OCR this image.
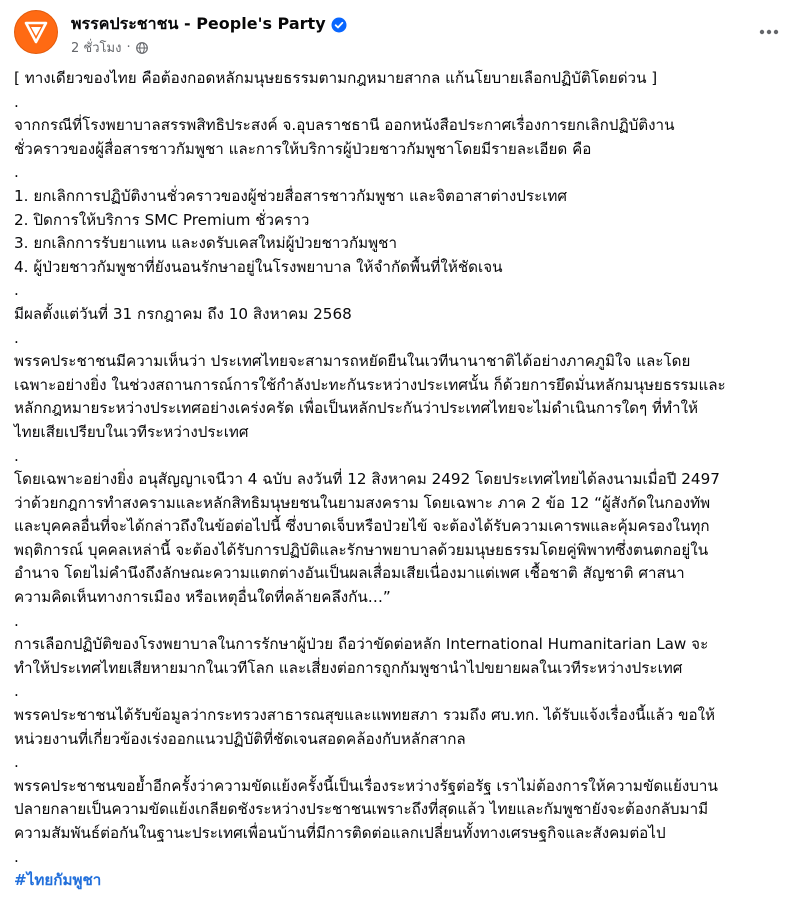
พรรคประชาชน - People's Party
2 ชั่วโมง ·
[ ทางเดียวของไทย คือต้องกอดหลักมนุษยธรรมตามกฎหมายสากล แก้นโยบายเลือกปฏิบัติโดยด่วน ]
.
จากกรณีที่โรงพยาบาลสรรพสิทธิประสงค์ จ.อุบลราชธานี ออกหนังสือประกาศเรื่องการยกเลิกปฏิบัติงาน
ชั่วคราวของผู้สื่อสารชาวกัมพูชา และการให้บริการผู้ป่วยชาวกัมพูชาโดยมีรายละเอียด คือ
.
1. ยกเลิกการปฏิบัติงานชั่วคราวของผู้ช่วยสื่อสารชาวกัมพูชา และจิตอาสาต่างประเทศ
2. ปิดการให้บริการ SMC Premium ชั่วคราว
3. ยกเลิกการรับยาแทน และงดรับเคสใหม่ผู้ป่วยชาวกัมพูชา
4. ผู้ป่วยชาวกัมพูชาที่ยังนอนรักษาอยู่ในโรงพยาบาล ให้จำกัดพื้นที่ให้ชัดเจน
.
มีผลตั้งแต่วันที่ 31 กรกฎาคม ถึง 10 สิงหาคม 2568
.
พรรคประชาชนมีความเห็นว่า ประเทศไทยจะสามารถหยัดยืนในเวทีนานาชาติได้อย่างภาคภูมิใจ และโดย
เฉพาะอย่างยิ่ง ในช่วงสถานการณ์การใช้กำลังปะทะกันระหว่างประเทศนั้น ก็ด้วยการยึดมั่นหลักมนุษยธรรมและ
หลักกฎหมายระหว่างประเทศอย่างเคร่งครัด เพื่อเป็นหลักประกันว่าประเทศไทยจะไม่ดำเนินการใดๆ ที่ทำให้
ไทยเสียเปรียบในเวทีระหว่างประเทศ
.
โดยเฉพาะอย่างยิ่ง อนุสัญญาเจนีวา 4 ฉบับ ลงวันที่ 12 สิงหาคม 2492 โดยประเทศไทยได้ลงนามเมื่อปี 2497
ว่าด้วยกฎการทำสงครามและหลักสิทธิมนุษยชนในยามสงคราม โดยเฉพาะ ภาค 2 ข้อ 12 “ผู้สังกัดในกองทัพ
และบุคคลอื่นที่จะได้กล่าวถึงในข้อต่อไปนี้ ซึ่งบาดเจ็บหรือป่วยไข้ จะต้องได้รับความเคารพและคุ้มครองในทุก
พฤติการณ์ บุคคลเหล่านี้ จะต้องได้รับการปฏิบัติและรักษาพยาบาลด้วยมนุษยธรรมโดยคู่พิพาทซึ่งตนตกอยู่ใน
อำนาจ โดยไม่คำนึงถึงลักษณะความแตกต่างอันเป็นผลเสื่อมเสียเนื่องมาแต่เพศ เชื้อชาติ สัญชาติ ศาสนา
ความคิดเห็นทางการเมือง หรือเหตุอื่นใดที่คล้ายคลึงกัน…”
.
การเลือกปฏิบัติของโรงพยาบาลในการรักษาผู้ป่วย ถือว่าขัดต่อหลัก International Humanitarian Law จะ
ทำให้ประเทศไทยเสียหายมากในเวทีโลก และเสี่ยงต่อการถูกกัมพูชานำไปขยายผลในเวทีระหว่างประเทศ
.
พรรคประชาชนได้รับข้อมูลว่ากระทรวงสาธารณสุขและแพทยสภา รวมถึง ศบ.ทก. ได้รับแจ้งเรื่องนี้แล้ว ขอให้
หน่วยงานที่เกี่ยวข้องเร่งออกแนวปฏิบัติที่ชัดเจนสอดคล้องกับหลักสากล
.
พรรคประชาชนขอย้ำอีกครั้งว่าความขัดแย้งครั้งนี้เป็นเรื่องระหว่างรัฐต่อรัฐ เราไม่ต้องการให้ความขัดแย้งบาน
ปลายกลายเป็นความขัดแย้งเกลียดชังระหว่างประชาชนเพราะถึงที่สุดแล้ว ไทยและกัมพูชายังจะต้องกลับมามี
ความสัมพันธ์ต่อกันในฐานะประเทศเพื่อนบ้านที่มีการติดต่อแลกเปลี่ยนทั้งทางเศรษฐกิจและสังคมต่อไป
.
#ไทยกัมพูชา
